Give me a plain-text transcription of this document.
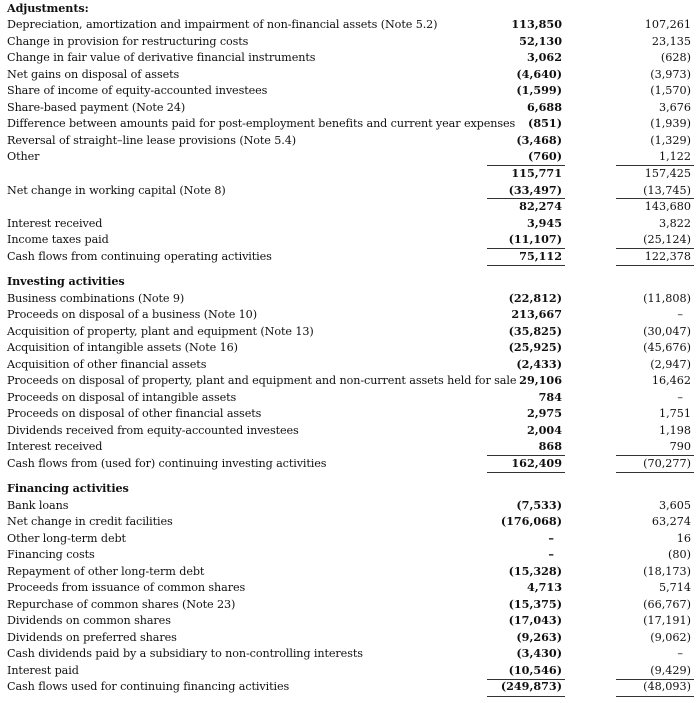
Adjustments:
Depreciation, amortization and impairment of non-financial assets (Note 5.2)	113,850	107,261
Change in provision for restructuring costs	52,130	23,135
Change in fair value of derivative financial instruments	3,062	(628)
Net gains on disposal of assets	(4,640)	(3,973)
Share of income of equity-accounted investees	(1,599)	(1,570)
Share-based payment (Note 24)	6,688	3,676
Difference between amounts paid for post-employment benefits and current year expenses	(851)	(1,939)
Reversal of straight–line lease provisions (Note 5.4)	(3,468)	(1,329)
Other	(760)	1,122
115,771	157,425
Net change in working capital (Note 8)	(33,497)	(13,745)
82,274	143,680
Interest received	3,945	3,822
Income taxes paid	(11,107)	(25,124)
Cash flows from continuing operating activities	75,112	122,378
Investing activities
Business combinations (Note 9)	(22,812)	(11,808)
Proceeds on disposal of a business (Note 10)	213,667	–
Acquisition of property, plant and equipment (Note 13)	(35,825)	(30,047)
Acquisition of intangible assets (Note 16)	(25,925)	(45,676)
Acquisition of other financial assets	(2,433)	(2,947)
Proceeds on disposal of property, plant and equipment and non-current assets held for sale 29,106	16,462
Proceeds on disposal of intangible assets	784	–
Proceeds on disposal of other financial assets	2,975	1,751
Dividends received from equity-accounted investees	2,004	1,198
Interest received	868	790
Cash flows from (used for) continuing investing activities	162,409	(70,277)
Financing activities
Bank loans	(7,533)	3,605
Net change in credit facilities	(176,068)	63,274
Other long-term debt	–	16
Financing costs	–	(80)
Repayment of other long-term debt	(15,328)	(18,173)
Proceeds from issuance of common shares	4,713	5,714
Repurchase of common shares (Note 23)	(15,375)	(66,767)
Dividends on common shares	(17,043)	(17,191)
Dividends on preferred shares	(9,263)	(9,062)
Cash dividends paid by a subsidiary to non-controlling interests	(3,430)	–
Interest paid	(10,546)	(9,429)
Cash flows used for continuing financing activities	(249,873)	(48,093)
